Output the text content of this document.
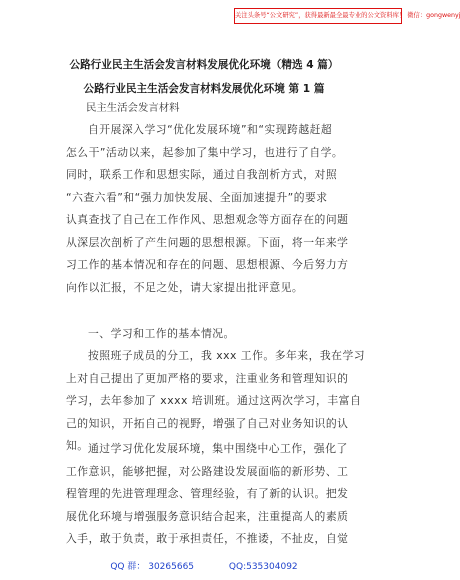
关注头条号“公文研究”，获得最新最全最专业的公文资料库！ 微信：gongwenyj
公路行业民主生活会发言材料发展优化环境（精选 4 篇）
公路行业民主生活会发言材料发展优化环境 第 1 篇
民主生活会发言材料

自开展深入学习“优化发展环境”和“实现跨越赶超
怎么干”活动以来，起参加了集中学习，也进行了自学。
同时，联系工作和思想实际，通过自我剖析方式，对照
“六查六看”和“强力加快发展、全面加速提升”的要求
认真查找了自己在工作作风、思想观念等方面存在的问题
从深层次剖析了产生问题的思想根源。下面，将一年来学
习工作的基本情况和存在的问题、思想根源、今后努力方
向作以汇报，不足之处，请大家提出批评意见。

一、学习和工作的基本情况。

按照班子成员的分工，我 xxx 工作。多年来，我在学习
上对自己提出了更加严格的要求，注重业务和管理知识的
学习，去年参加了 xxxx 培训班。通过这两次学习，丰富自
己的知识，开拓自己的视野，增强了自己对业务知识的认
知。 通过学习优化发展环境，集中围绕中心工作，强化了
工作意识，能够把握，对公路建设发展面临的新形势、工
程管理的先进管理理念、管理经验，有了新的认识。把发
展优化环境与增强服务意识结合起来，注重提高人的素质
入手，敢于负责，敢于承担责任，不推诿，不扯皮，自觉

QQ 群： 30265665	QQ:535304092
